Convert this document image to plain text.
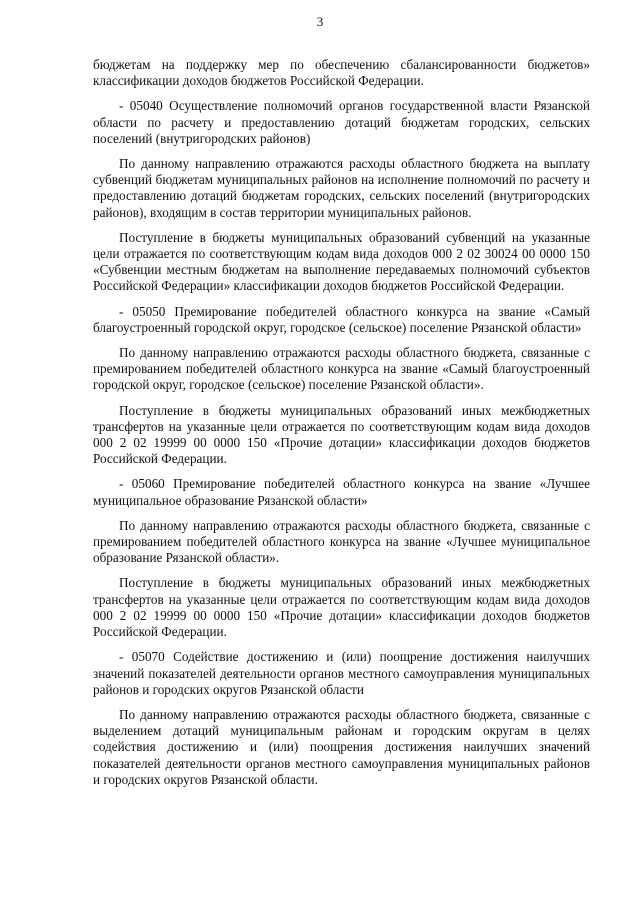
3

бюджетам на поддержку мер по обеспечению сбалансированности бюджетов» классификации доходов бюджетов Российской Федерации.

- 05040 Осуществление полномочий органов государственной власти Рязанской области по расчету и предоставлению дотаций бюджетам городских, сельских поселений (внутригородских районов)

По данному направлению отражаются расходы областного бюджета на выплату субвенций бюджетам муниципальных районов на исполнение полномочий по расчету и предоставлению дотаций бюджетам городских, сельских поселений (внутригородских районов), входящим в состав территории муниципальных районов.

Поступление в бюджеты муниципальных образований субвенций на указанные цели отражается по соответствующим кодам вида доходов 000 2 02 30024 00 0000 150 «Субвенции местным бюджетам на выполнение передаваемых полномочий субъектов Российской Федерации» классификации доходов бюджетов Российской Федерации.

- 05050 Премирование победителей областного конкурса на звание «Самый благоустроенный городской округ, городское (сельское) поселение Рязанской области»

По данному направлению отражаются расходы областного бюджета, связанные с премированием победителей областного конкурса на звание «Самый благоустроенный городской округ, городское (сельское) поселение Рязанской области».

Поступление в бюджеты муниципальных образований иных межбюджетных трансфертов на указанные цели отражается по соответствующим кодам вида доходов 000 2 02 19999 00 0000 150 «Прочие дотации» классификации доходов бюджетов Российской Федерации.

- 05060 Премирование победителей областного конкурса на звание «Лучшее муниципальное образование Рязанской области»

По данному направлению отражаются расходы областного бюджета, связанные с премированием победителей областного конкурса на звание «Лучшее муниципальное образование Рязанской области».

Поступление в бюджеты муниципальных образований иных межбюджетных трансфертов на указанные цели отражается по соответствующим кодам вида доходов 000 2 02 19999 00 0000 150 «Прочие дотации» классификации доходов бюджетов Российской Федерации.

- 05070 Содействие достижению и (или) поощрение достижения наилучших значений показателей деятельности органов местного самоуправления муниципальных районов и городских округов Рязанской области

По данному направлению отражаются расходы областного бюджета, связанные с выделением дотаций муниципальным районам и городским округам в целях содействия достижению и (или) поощрения достижения наилучших значений показателей деятельности органов местного самоуправления муниципальных районов и городских округов Рязанской области.
